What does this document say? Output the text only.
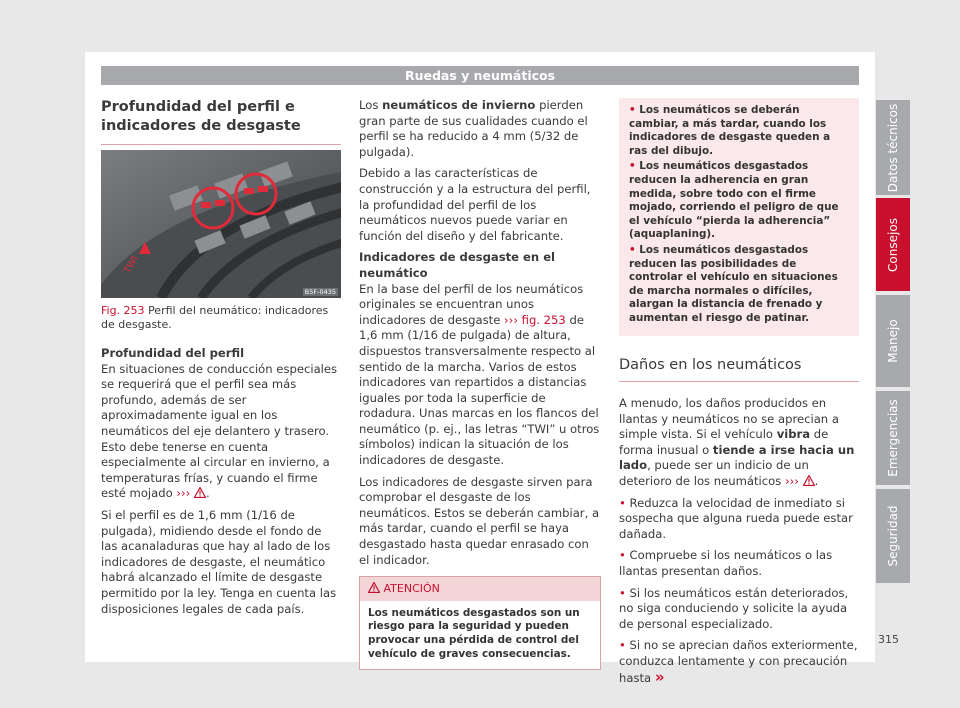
Ruedas y neumáticos
Profundidad del perfil e indicadores de desgaste
TWI
B5F-0435
Fig. 253 Perfil del neumático: indicadores de desgaste.

Profundidad del perfil

En situaciones de conducción especiales se requerirá que el perfil sea más profundo, además de ser aproximadamente igual en los neumáticos del eje delantero y trasero. Esto debe tenerse en cuenta especialmente al circular en invierno, a temperaturas frías, y cuando el firme esté mojado ››› .

Si el perfil es de 1,6 mm (1/16 de pulgada), midiendo desde el fondo de las acanaladuras que hay al lado de los indicadores de desgaste, el neumático habrá alcanzado el límite de desgaste permitido por la ley. Tenga en cuenta las disposiciones legales de cada país.

Los neumáticos de invierno pierden gran parte de sus cualidades cuando el perfil se ha reducido a 4 mm (5/32 de pulgada).

Debido a las características de construcción y a la estructura del perfil, la profundidad del perfil de los neumáticos nuevos puede variar en función del diseño y del fabricante.

Indicadores de desgaste en el neumático

En la base del perfil de los neumáticos originales se encuentran unos indicadores de desgaste ››› fig. 253 de 1,6 mm (1/16 de pulgada) de altura, dispuestos transversalmente respecto al sentido de la marcha. Varios de estos indicadores van repartidos a distancias iguales por toda la superficie de rodadura. Unas marcas en los flancos del neumático (p. ej., las letras “TWI” u otros símbolos) indican la situación de los indicadores de desgaste.

Los indicadores de desgaste sirven para comprobar el desgaste de los neumáticos. Estos se deberán cambiar, a más tardar, cuando el perfil se haya desgastado hasta quedar enrasado con el indicador.

ATENCIÓN
Los neumáticos desgastados son un riesgo para la seguridad y pueden provocar una pérdida de control del vehículo de graves consecuencias.
• Los neumáticos se deberán cambiar, a más tardar, cuando los indicadores de desgaste queden a ras del dibujo.
• Los neumáticos desgastados reducen la adherencia en gran medida, sobre todo con el firme mojado, corriendo el peligro de que el vehículo “pierda la adherencia” (aquaplaning).
• Los neumáticos desgastados reducen las posibilidades de controlar el vehículo en situaciones de marcha normales o difíciles, alargan la distancia de frenado y aumentan el riesgo de patinar.
Daños en los neumáticos

A menudo, los daños producidos en llantas y neumáticos no se aprecian a simple vista. Si el vehículo vibra de forma inusual o tiende a irse hacia un lado, puede ser un indicio de un deterioro de los neumáticos ››› .

• Reduzca la velocidad de inmediato si sospecha que alguna rueda puede estar dañada.

• Compruebe si los neumáticos o las llantas presentan daños.

• Si los neumáticos están deteriorados, no siga conduciendo y solicite la ayuda de personal especializado.

• Si no se aprecian daños exteriormente, conduzca lentamente y con precaución hasta »

Datos técnicos
Consejos
Manejo
Emergencias
Seguridad
315
